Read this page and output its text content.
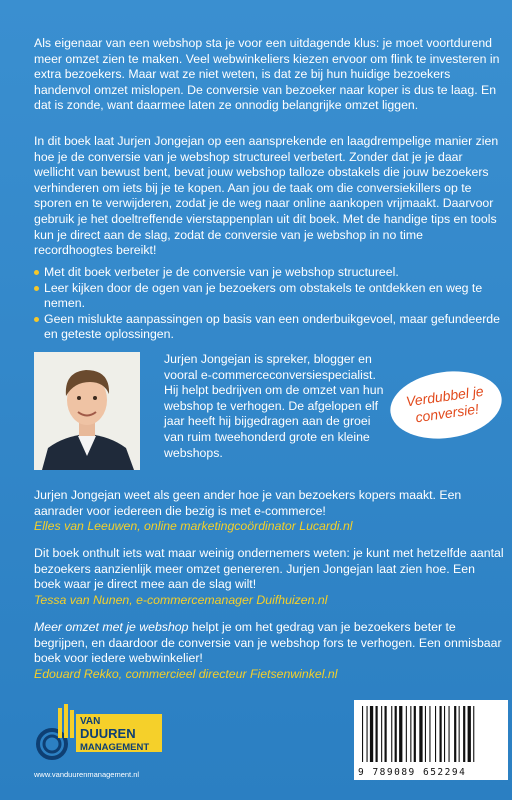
Als eigenaar van een webshop sta je voor een uitdagende klus: je moet voortdurend meer omzet zien te maken. Veel webwinkeliers kiezen ervoor om flink te investeren in extra bezoekers. Maar wat ze niet weten, is dat ze bij hun huidige bezoekers handenvol omzet mislopen. De conversie van bezoeker naar koper is dus te laag. En dat is zonde, want daarmee laten ze onnodig belangrijke omzet liggen.

In dit boek laat Jurjen Jongejan op een aansprekende en laagdrempelige manier zien hoe je de conversie van je webshop structureel verbetert. Zonder dat je je daar wellicht van bewust bent, bevat jouw webshop talloze obstakels die jouw bezoekers verhinderen om iets bij je te kopen. Aan jou de taak om die conversiekillers op te sporen en te verwijderen, zodat je de weg naar online aankopen vrijmaakt. Daarvoor gebruik je het doeltreffende vierstappenplan uit dit boek. Met de handige tips en tools kun je direct aan de slag, zodat de conversie van je webshop in no time recordhoogtes bereikt!

Met dit boek verbeter je de conversie van je webshop structureel.
Leer kijken door de ogen van je bezoekers om obstakels te ontdekken en weg te nemen.
Geen mislukte aanpassingen op basis van een onderbuikgevoel, maar gefundeerde en geteste oplossingen.

Jurjen Jongejan is spreker, blogger en vooral e-commerceconversiespecialist. Hij helpt bedrijven om de omzet van hun webshop te verhogen. De afgelopen elf jaar heeft hij bijgedragen aan de groei van ruim tweehonderd grote en kleine webshops.

Verdubbel je conversie!
Jurjen Jongejan weet als geen ander hoe je van bezoekers kopers maakt. Een aanrader voor iedereen die bezig is met e-commerce!
Elles van Leeuwen, online marketingcoördinator Lucardi.nl
Dit boek onthult iets wat maar weinig ondernemers weten: je kunt met hetzelfde aantal bezoekers aanzienlijk meer omzet genereren. Jurjen Jongejan laat zien hoe. Een boek waar je direct mee aan de slag wilt!
Tessa van Nunen, e-commercemanager Duifhuizen.nl
Meer omzet met je webshop helpt je om het gedrag van je bezoekers beter te begrijpen, en daardoor de conversie van je webshop fors te verhogen. Een onmisbaar boek voor iedere webwinkelier!
Edouard Rekko, commercieel directeur Fietsenwinkel.nl
VAN
DUUREN
MANAGEMENT
www.vanduurenmanagement.nl	9 789089 652294
